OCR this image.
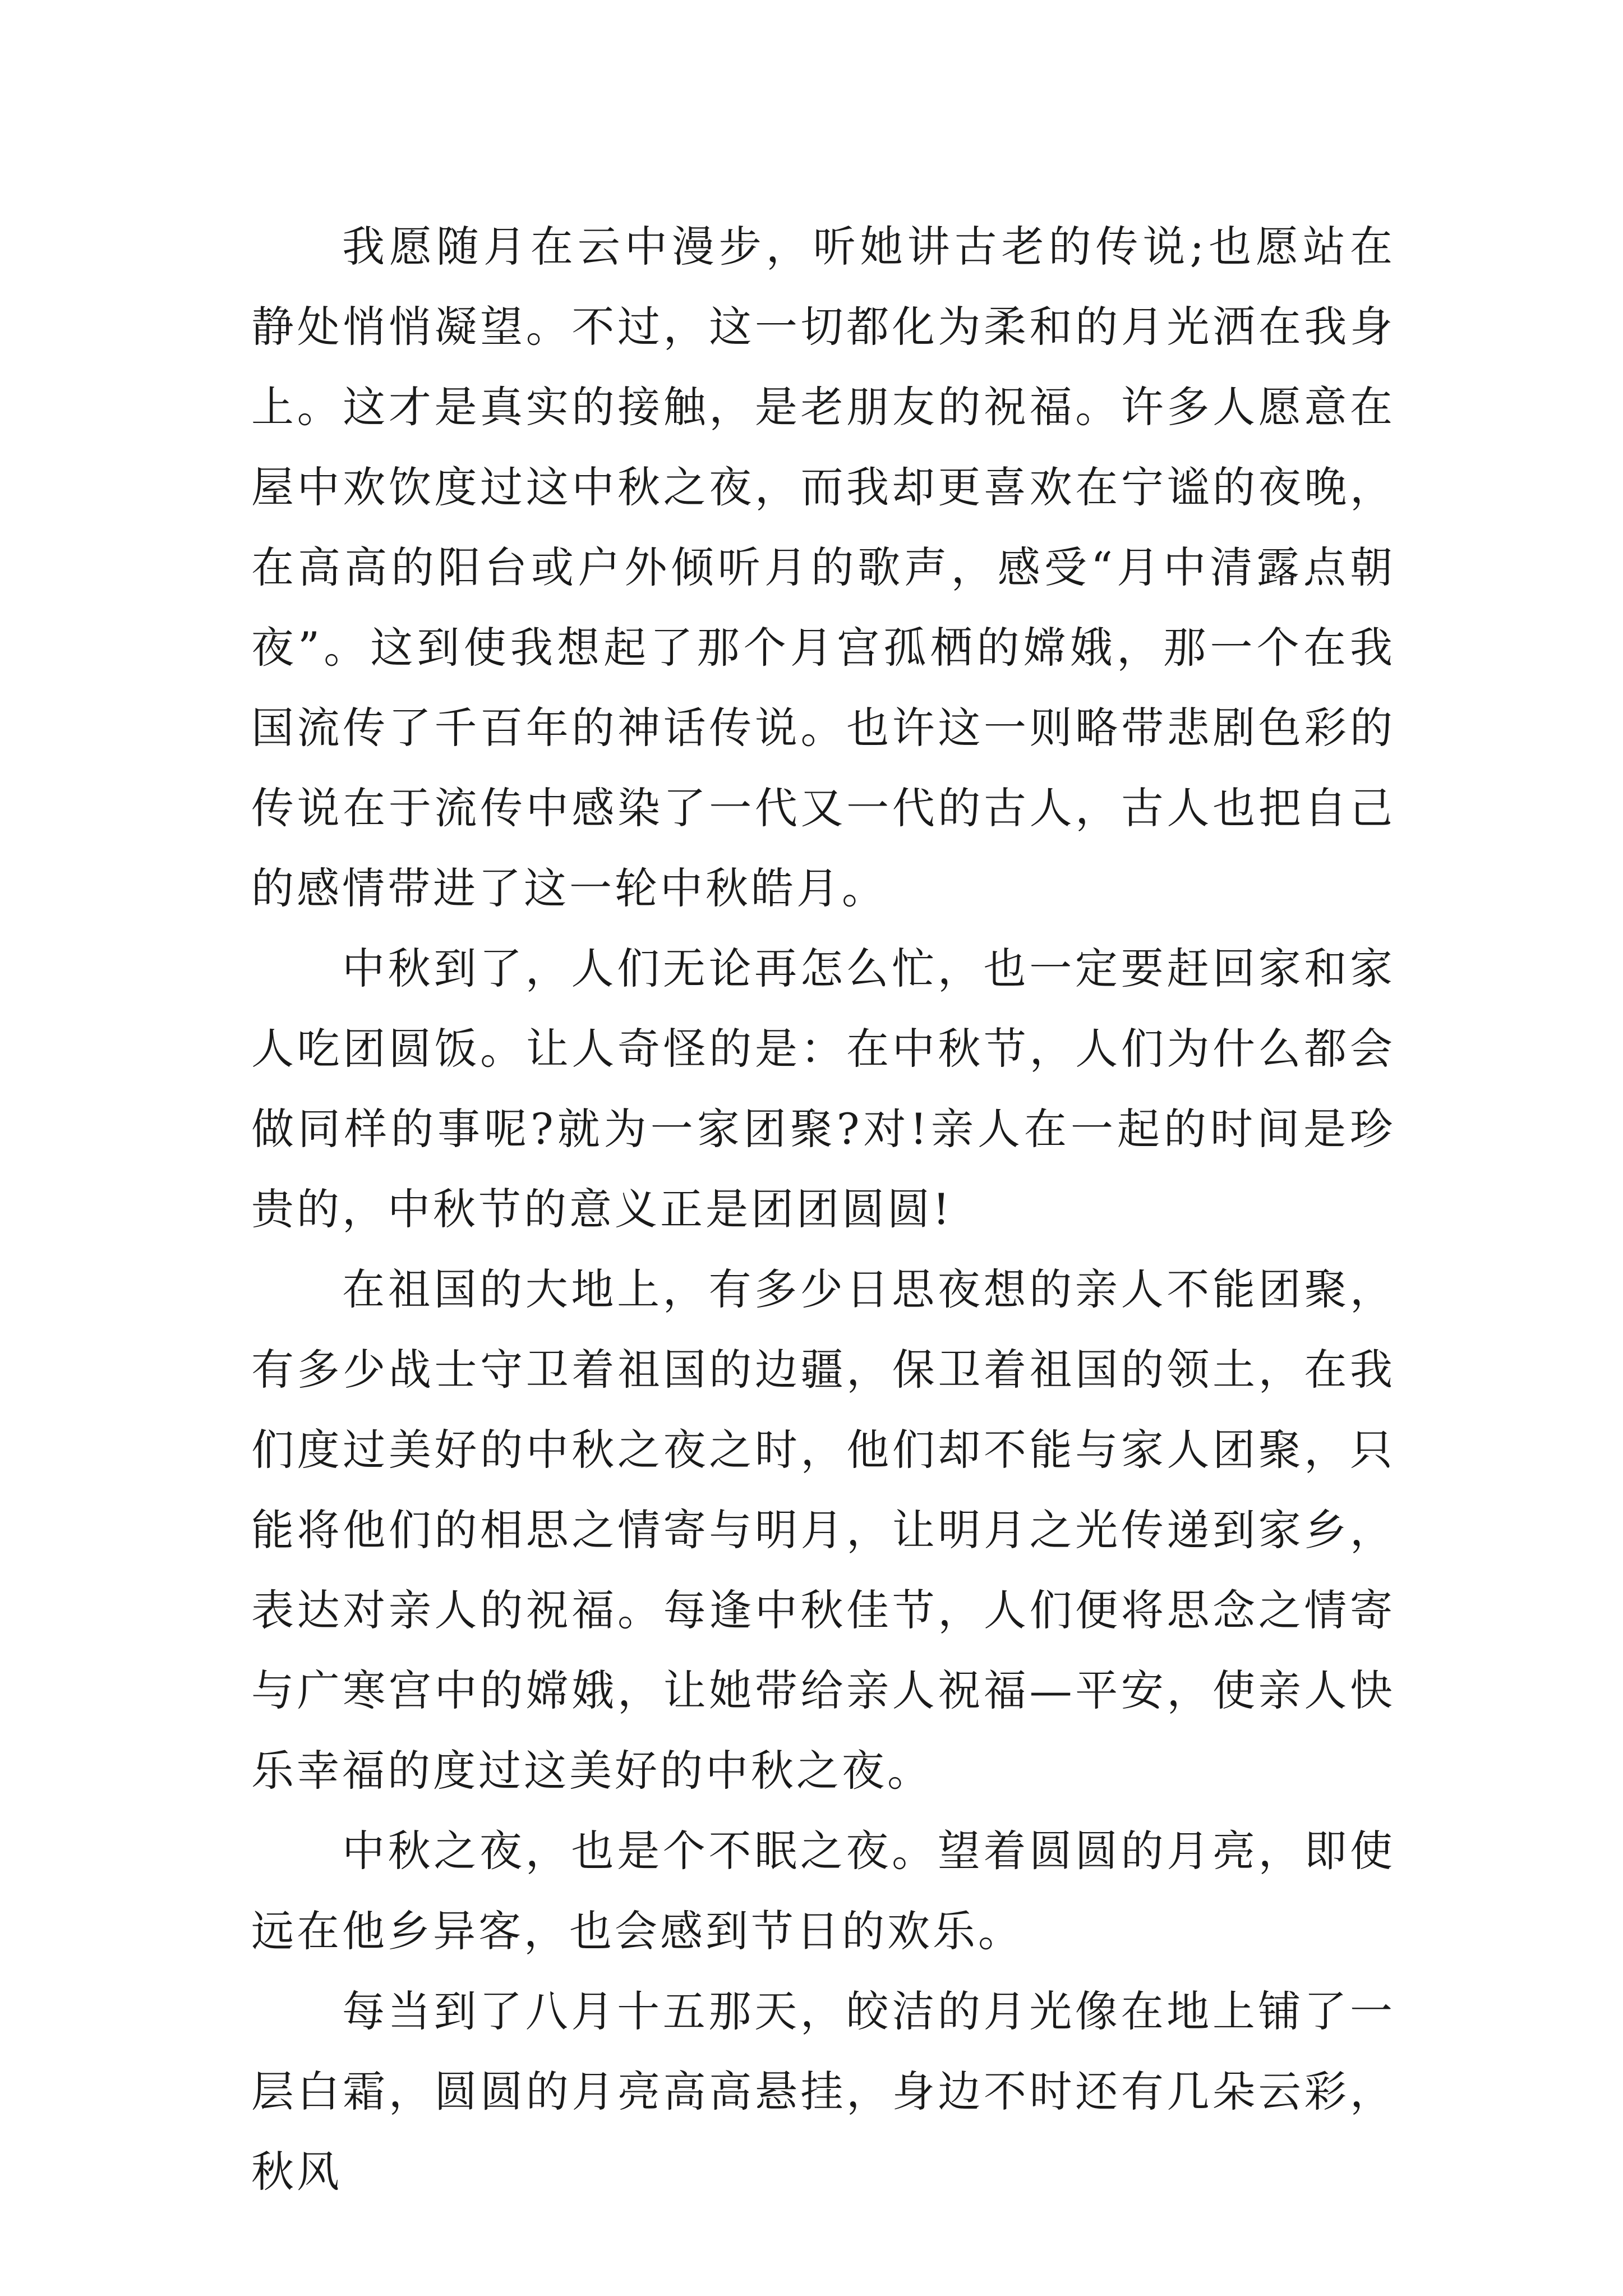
我愿随月在云中漫步，听她讲古老的传说;也愿站在静处悄悄凝望。不过，这一切都化为柔和的月光洒在我身上。这才是真实的接触，是老朋友的祝福。许多人愿意在屋中欢饮度过这中秋之夜，而我却更喜欢在宁谧的夜晚，在高高的阳台或户外倾听月的歌声，感受“月中清露点朝夜”。这到使我想起了那个月宫孤栖的嫦娥，那一个在我国流传了千百年的神话传说。也许这一则略带悲剧色彩的传说在于流传中感染了一代又一代的古人，古人也把自己的感情带进了这一轮中秋皓月。

中秋到了，人们无论再怎么忙，也一定要赶回家和家人吃团圆饭。让人奇怪的是：在中秋节，人们为什么都会做同样的事呢?就为一家团聚?对!亲人在一起的时间是珍贵的，中秋节的意义正是团团圆圆!

在祖国的大地上，有多少日思夜想的亲人不能团聚，有多少战士守卫着祖国的边疆，保卫着祖国的领土，在我们度过美好的中秋之夜之时，他们却不能与家人团聚，只能将他们的相思之情寄与明月，让明月之光传递到家乡，表达对亲人的祝福。每逢中秋佳节，人们便将思念之情寄与广寒宫中的嫦娥，让她带给亲人祝福—平安，使亲人快乐幸福的度过这美好的中秋之夜。

中秋之夜，也是个不眠之夜。望着圆圆的月亮，即使远在他乡异客，也会感到节日的欢乐。

每当到了八月十五那天，皎洁的月光像在地上铺了一层白霜，圆圆的月亮高高悬挂，身边不时还有几朵云彩，秋风
